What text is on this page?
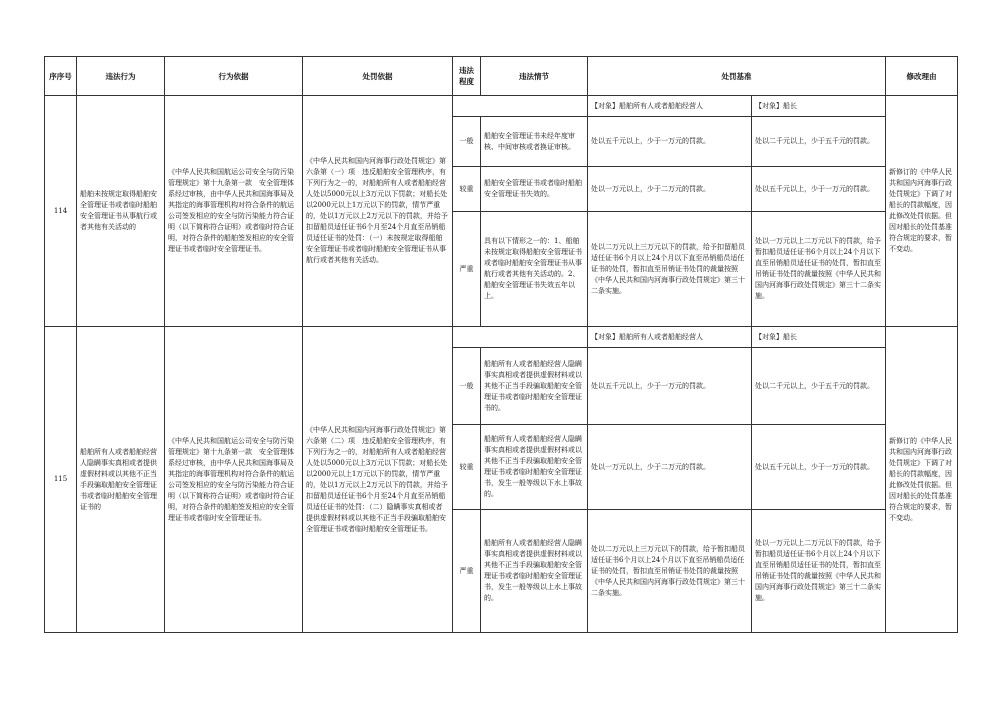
序序号	违法行为	行为依据	处罚依据	违法程度	违法情节	处罚基准		修改理由
114	船舶未按规定取得船舶安全管理证书或者临时船舶安全管理证书从事航行或者其他有关活动的	《中华人民共和国航运公司安全与防污染管理规定》第十九条第一款　安全管理体系经过审核，由中华人民共和国海事局及其指定的海事管理机构对符合条件的航运公司签发相应的安全与防污染能力符合证明（以下简称符合证明）或者临时符合证明，对符合条件的船舶签发相应的安全管理证书或者临时安全管理证书。	《中华人民共和国内河海事行政处罚规定》第六条第（一）项　违反船舶安全管理秩序，有下列行为之一的，对船舶所有人或者船舶经营人处以5000元以上3万元以下罚款；对船长处以2000元以上1万元以下的罚款，情节严重的，处以1万元以上2万元以下的罚款，并给予扣留船员适任证书6个月至24个月直至吊销船员适任证书的处罚：（一）未按规定取得船舶安全管理证书或者临时船舶安全管理证书从事航行或者其他有关活动。			【对象】船舶所有人或者船舶经营人	【对象】船长	新修订的《中华人民共和国内河海事行政处罚规定》下调了对船长的罚款幅度，因此修改处罚依据。但因对船长的处罚基准符合规定的要求，暂不变动。
				一般	船舶安全管理证书未经年度审核、中间审核或者换证审核。	处以五千元以上，少于一万元的罚款。	处以二千元以上，少于五千元的罚款。	
				较重	船舶安全管理证书或者临时船舶安全管理证书失效的。	处以一万元以上，少于二万元的罚款。	处以五千元以上，少于一万元的罚款。	
				严重	具有以下情形之一的：1、船舶未按规定取得船舶安全管理证书或者临时船舶安全管理证书从事航行或者其他有关活动的。2、船舶安全管理证书失效五年以上。	处以二万元以上三万元以下的罚款，给予扣留船员适任证书6个月以上24个月以下直至吊销船员适任证书的处罚，暂扣直至吊销证书处罚的裁量按照《中华人民共和国内河海事行政处罚规定》第三十二条实施。	处以一万元以上二万元以下的罚款，给予暂扣船员适任证书6个月以上24个月以下直至吊销船员适任证书的处罚，暂扣直至吊销证书处罚的裁量按照《中华人民共和国内河海事行政处罚规定》第三十二条实施。	
115	船舶所有人或者船舶经营人隐瞒事实真相或者提供虚假材料或以其他不正当手段骗取船舶安全管理证书或者临时船舶安全管理证书的	《中华人民共和国航运公司安全与防污染管理规定》第十九条第一款　安全管理体系经过审核，由中华人民共和国海事局及其指定的海事管理机构对符合条件的航运公司签发相应的安全与防污染能力符合证明（以下简称符合证明）或者临时符合证明，对符合条件的船舶签发相应的安全管理证书或者临时安全管理证书。	《中华人民共和国内河海事行政处罚规定》第六条第（二）项　违反船舶安全管理秩序，有下列行为之一的，对船舶所有人或者船舶经营人处以5000元以上3万元以下罚款；对船长处以2000元以上1万元以下的罚款，情节严重的，处以1万元以上2万元以下的罚款，并给予扣留船员适任证书6个月至24个月直至吊销船员适任证书的处罚：（二）隐瞒事实真相或者提供虚假材料或以其他不正当手段骗取船舶安全管理证书或者临时船舶安全管理证书。			【对象】船舶所有人或者船舶经营人	【对象】船长	新修订的《中华人民共和国内河海事行政处罚规定》下调了对船长的罚款幅度，因此修改处罚依据。但因对船长的处罚基准符合规定的要求，暂不变动。
				一般	船舶所有人或者船舶经营人隐瞒事实真相或者提供虚假材料或以其他不正当手段骗取船舶安全管理证书或者临时船舶安全管理证书的。	处以五千元以上，少于一万元的罚款。	处以二千元以上，少于五千元的罚款。	
				较重	船舶所有人或者船舶经营人隐瞒事实真相或者提供虚假材料或以其他不正当手段骗取船舶安全管理证书或者临时船舶安全管理证书，发生一般等级以下水上事故的。	处以一万元以上，少于二万元的罚款。	处以五千元以上，少于一万元的罚款。	
				严重	船舶所有人或者船舶经营人隐瞒事实真相或者提供虚假材料或以其他不正当手段骗取船舶安全管理证书或者临时船舶安全管理证书，发生一般等级以上水上事故的。	处以二万元以上三万元以下的罚款，给予暂扣船员适任证书6个月以上24个月以下直至吊销船员适任证书的处罚，暂扣直至吊销证书处罚的裁量按照《中华人民共和国内河海事行政处罚规定》第三十二条实施。	处以一万元以上二万元以下的罚款，给予暂扣船员适任证书6个月以上24个月以下直至吊销船员适任证书的处罚，暂扣直至吊销证书处罚的裁量按照《中华人民共和国内河海事行政处罚规定》第三十二条实施。	
